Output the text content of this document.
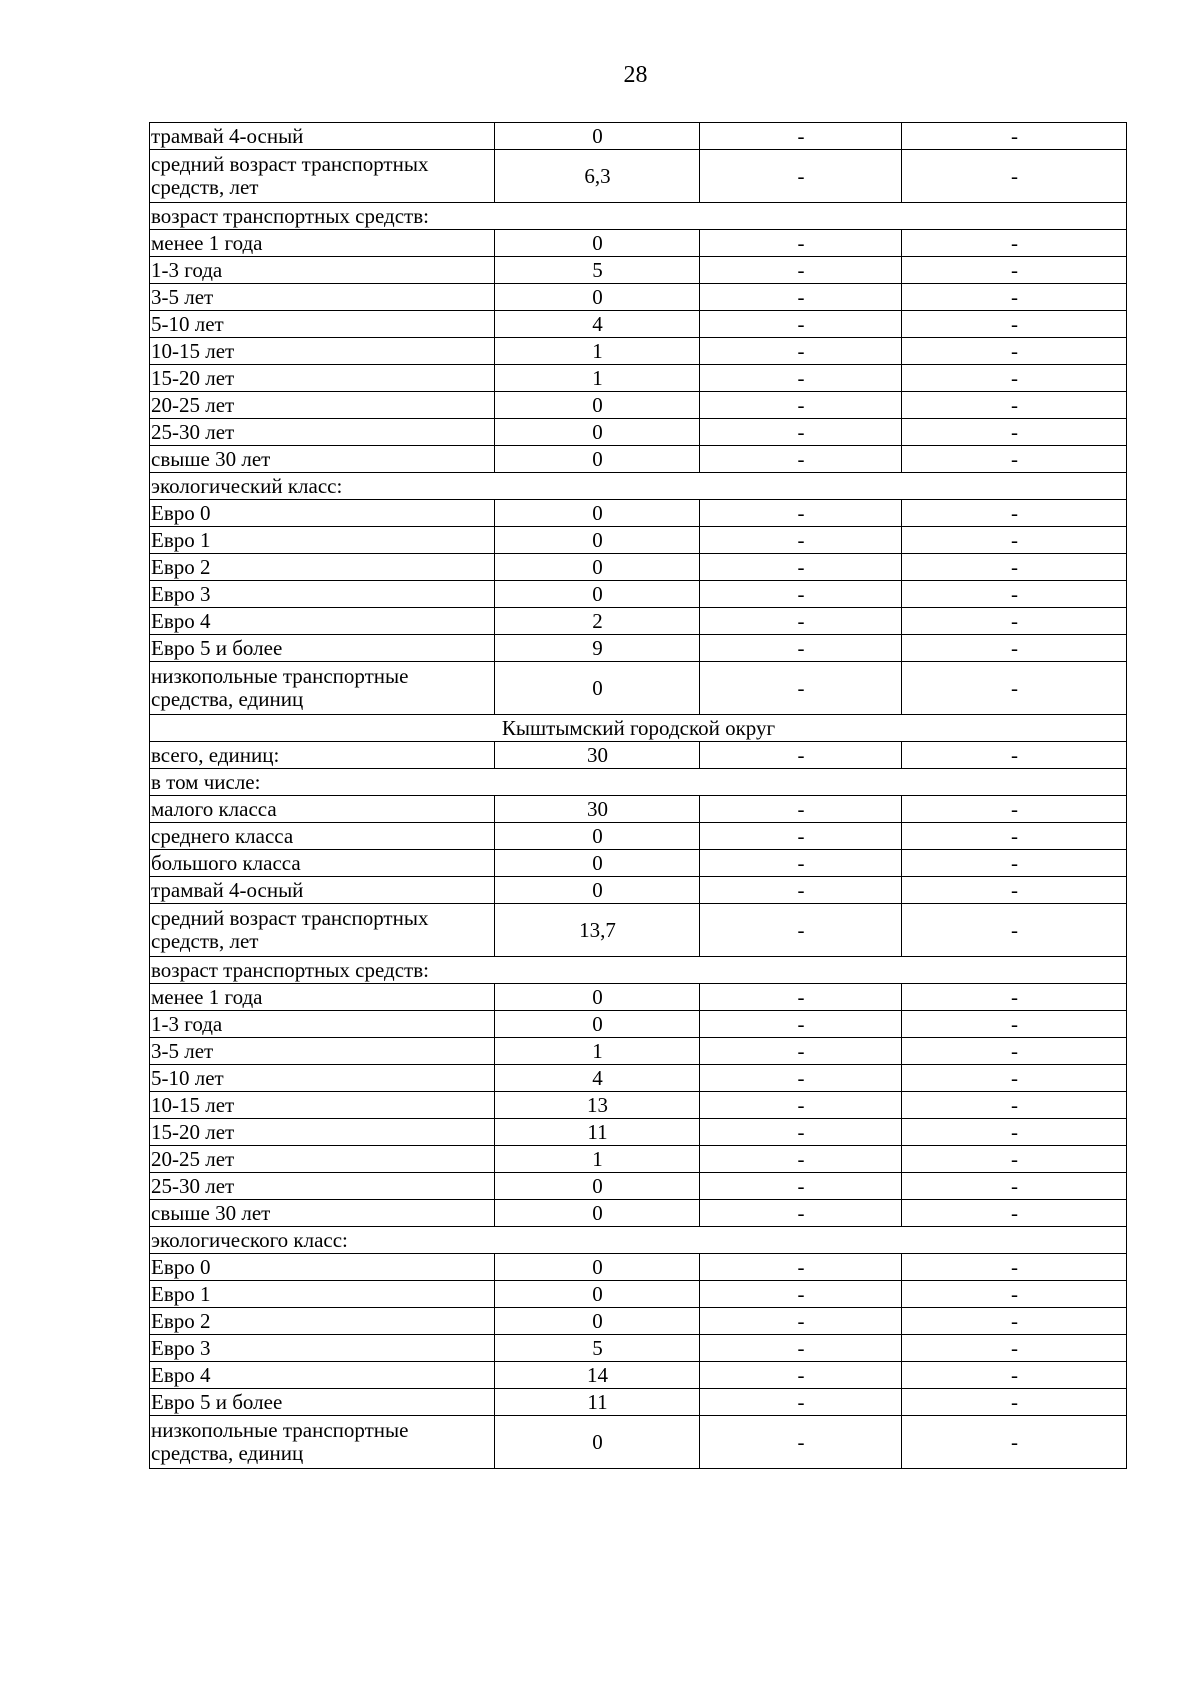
28
трамвай 4-осный	0	-	-
средний возраст транспортных средств, лет	6,3	-	-
возраст транспортных средств:			
менее 1 года	0	-	-
1-3 года	5	-	-
3-5 лет	0	-	-
5-10 лет	4	-	-
10-15 лет	1	-	-
15-20 лет	1	-	-
20-25 лет	0	-	-
25-30 лет	0	-	-
свыше 30 лет	0	-	-
экологический класс:			
Евро 0	0	-	-
Евро 1	0	-	-
Евро 2	0	-	-
Евро 3	0	-	-
Евро 4	2	-	-
Евро 5 и более	9	-	-
низкопольные транспортные средства, единиц	0	-	-
Кыштымский городской округ			
всего, единиц:	30	-	-
в том числе:			
малого класса	30	-	-
среднего класса	0	-	-
большого класса	0	-	-
трамвай 4-осный	0	-	-
средний возраст транспортных средств, лет	13,7	-	-
возраст транспортных средств:			
менее 1 года	0	-	-
1-3 года	0	-	-
3-5 лет	1	-	-
5-10 лет	4	-	-
10-15 лет	13	-	-
15-20 лет	11	-	-
20-25 лет	1	-	-
25-30 лет	0	-	-
свыше 30 лет	0	-	-
экологического класс:			
Евро 0	0	-	-
Евро 1	0	-	-
Евро 2	0	-	-
Евро 3	5	-	-
Евро 4	14	-	-
Евро 5 и более	11	-	-
низкопольные транспортные средства, единиц	0	-	-
